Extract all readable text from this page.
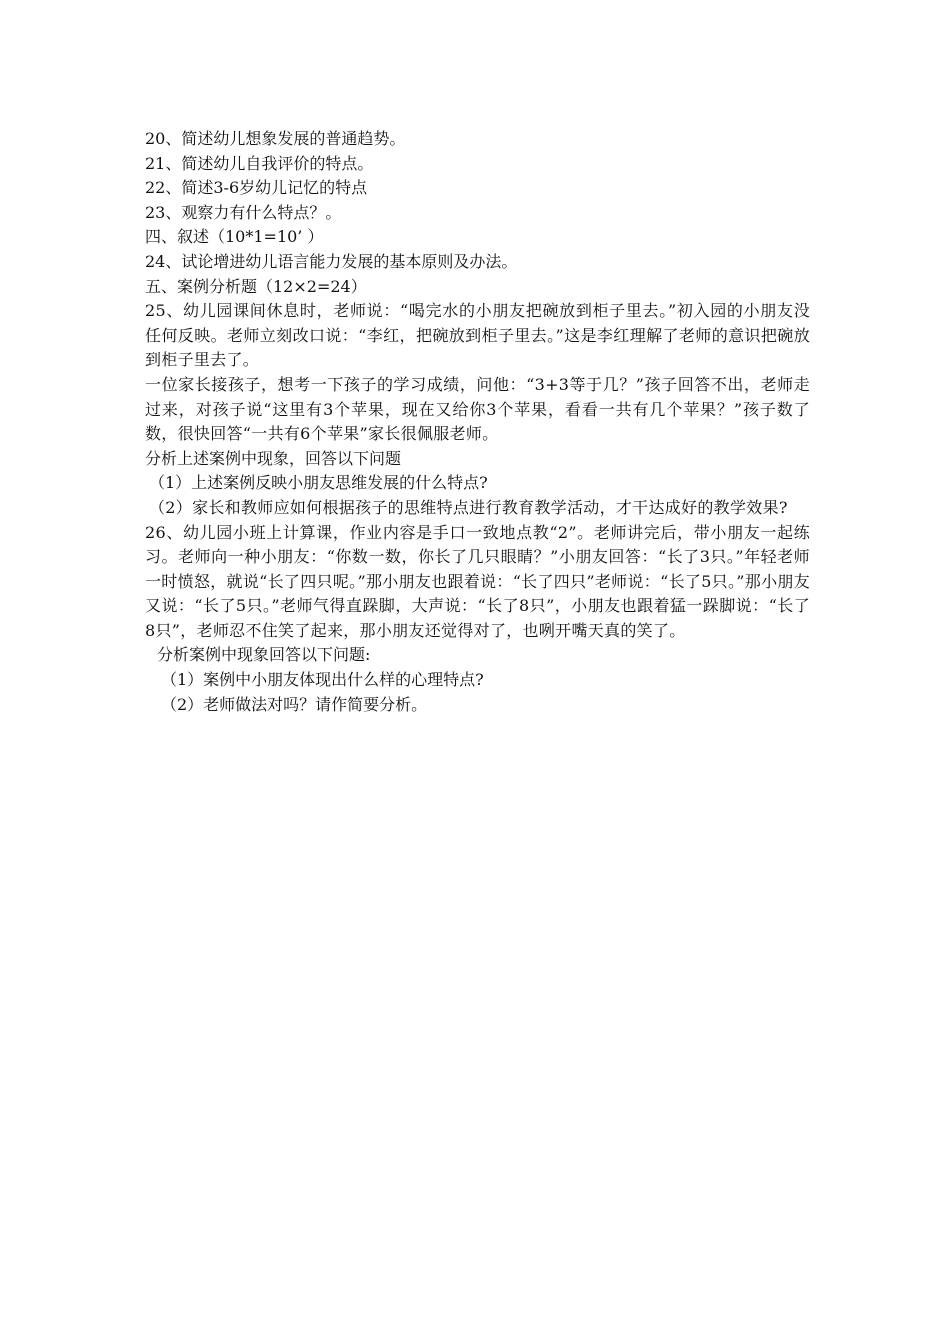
20、简述幼儿想象发展的普通趋势。

21、简述幼儿自我评价的特点。

22、简述3-6岁幼儿记忆的特点

23、观察力有什么特点？。

四、叙述（10*1=10’ ）

24、试论增进幼儿语言能力发展的基本原则及办法。

五、案例分析题（12×2=24）

25、幼儿园课间休息时，老师说：“喝完水的小朋友把碗放到柜子里去。”初入园的小朋友没任何反映。老师立刻改口说：“李红，把碗放到柜子里去。”这是李红理解了老师的意识把碗放到柜子里去了。

一位家长接孩子，想考一下孩子的学习成绩，问他：“3+3等于几？”孩子回答不出，老师走过来，对孩子说“这里有3个苹果，现在又给你3个苹果，看看一共有几个苹果？”孩子数了数，很快回答“一共有6个苹果”家长很佩服老师。

分析上述案例中现象，回答以下问题

（1）上述案例反映小朋友思维发展的什么特点?

（2）家长和教师应如何根据孩子的思维特点进行教育教学活动，才干达成好的教学效果?

26、幼儿园小班上计算课，作业内容是手口一致地点教“2”。老师讲完后，带小朋友一起练习。老师向一种小朋友：“你数一数，你长了几只眼睛？”小朋友回答：“长了3只。”年轻老师一时愤怒，就说“长了四只呢。”那小朋友也跟着说：“长了四只”老师说：“长了5只。”那小朋友又说：“长了5只。”老师气得直跺脚，大声说：“长了8只”，小朋友也跟着猛一跺脚说：“长了8只”，老师忍不住笑了起来，那小朋友还觉得对了，也咧开嘴天真的笑了。

分析案例中现象回答以下问题:

（1）案例中小朋友体现出什么样的心理特点?

（2）老师做法对吗？请作简要分析。
